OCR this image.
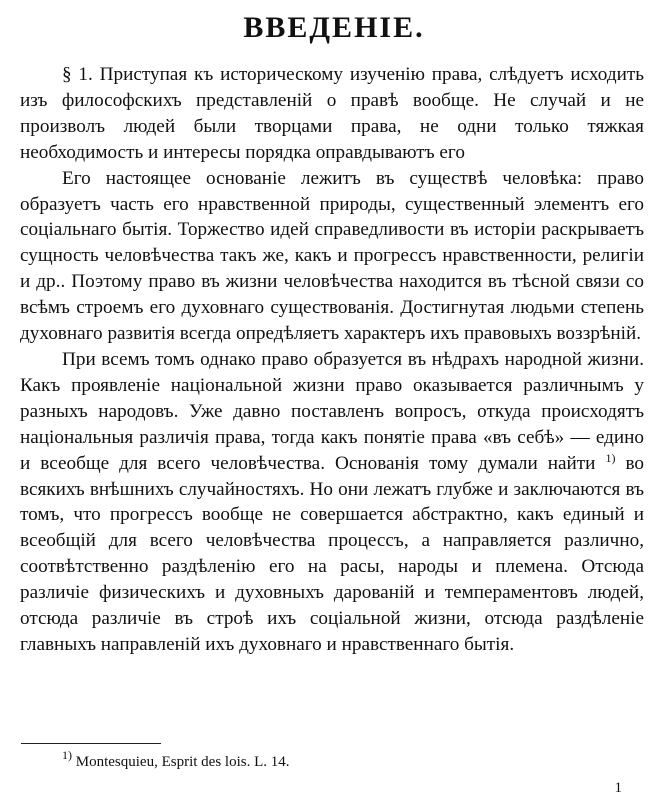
ВВЕДЕНІЕ.

§ 1. Приступая къ историческому изученію права, слѣдуетъ исходить изъ философскихъ представленій о правѣ вообще. Не случай и не произволъ людей были творцами права, не одни только тяжкая необходимость и интересы порядка оправдываютъ его

Его настоящее основаніе лежитъ въ существѣ человѣка: право образуетъ часть его нравственной природы, существенный элементъ его соціальнаго бытія. Торжество идей справедливости въ исторіи раскрываетъ сущность человѣчества такъ же, какъ и прогрессъ нравственности, религіи и др.. Поэтому право въ жизни человѣчества находится въ тѣсной связи со всѣмъ строемъ его духовнаго существованія. Достигнутая людьми степень духовнаго развитія всегда опредѣляетъ характеръ ихъ правовыхъ воззрѣній.

При всемъ томъ однако право образуется въ нѣдрахъ народной жизни. Какъ проявленіе національной жизни право оказывается различнымъ у разныхъ народовъ. Уже давно поставленъ вопросъ, откуда происходятъ національныя различія права, тогда какъ понятіе права «въ себѣ» — едино и всеобще для всего человѣчества. Основанія тому думали найти $^{1)}$ во всякихъ внѣшнихъ случайностяхъ. Но они лежатъ глубже и заключаются въ томъ, что прогрессъ вообще не совершается абстрактно, какъ единый и всеобщій для всего человѣчества процессъ, а направляется различно, соотвѣтственно раздѣленію его на расы, народы и племена. Отсюда различіе физическихъ и духовныхъ дарованій и темпераментовъ людей, отсюда различіе въ строѣ ихъ соціальной жизни, отсюда раздѣленіе главныхъ направленій ихъ духовнаго и нравственнаго бытія.

$^{1)}$ Montesquieu, Esprit des lois. L. 14.

1
